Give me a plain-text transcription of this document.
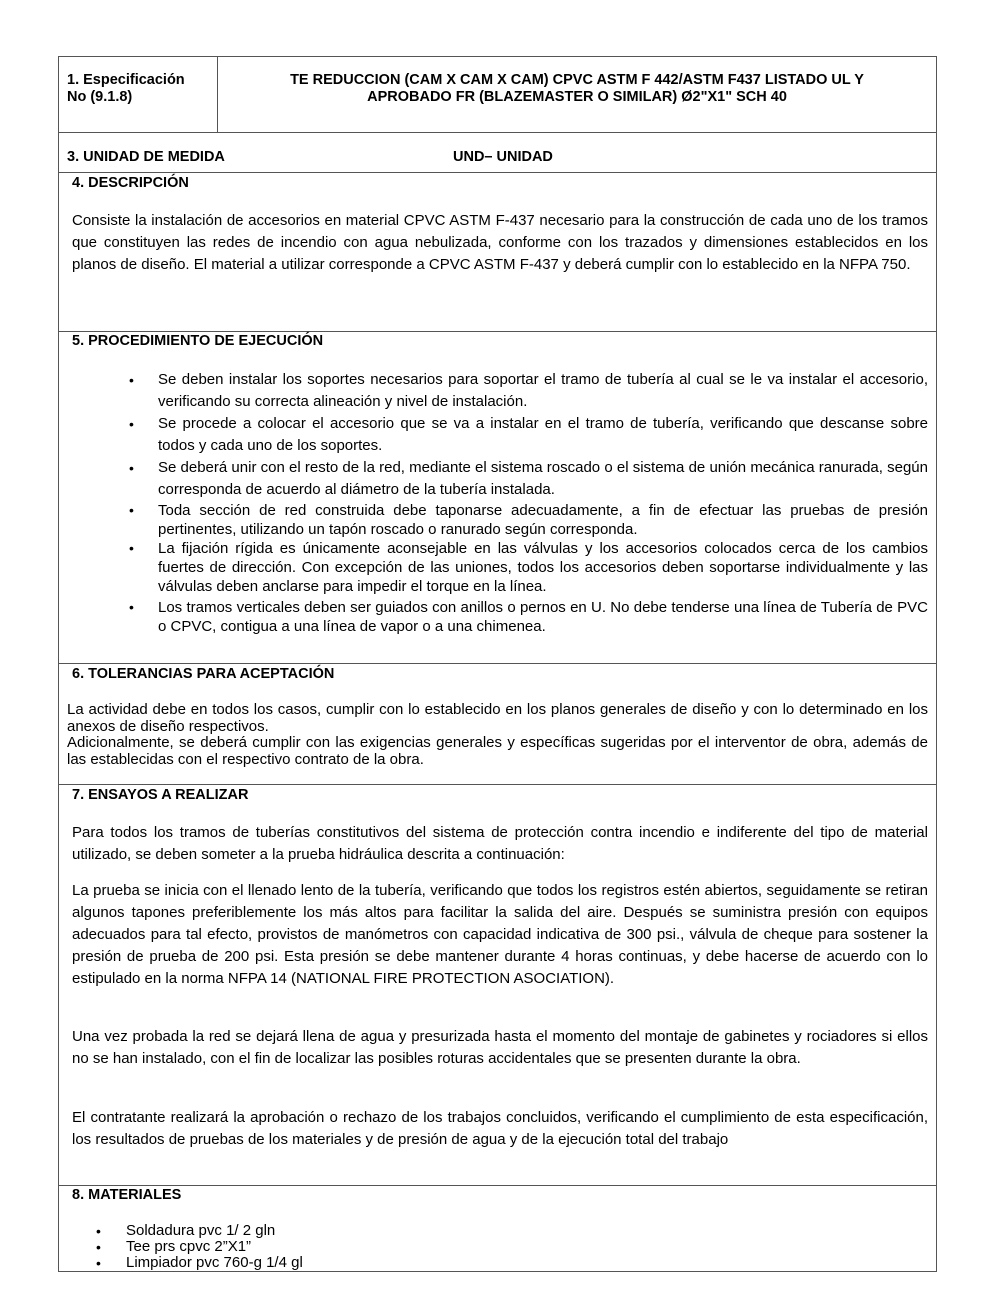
1. Especificación
No (9.1.8)
TE REDUCCION (CAM X CAM X CAM) CPVC ASTM F 442/ASTM F437 LISTADO UL Y
APROBADO FR (BLAZEMASTER O SIMILAR) Ø2"X1" SCH 40
3. UNIDAD DE MEDIDA	UND– UNIDAD
4. DESCRIPCIÓN
Consiste la instalación de accesorios en material CPVC ASTM F-437 necesario para la construcción de cada uno de los tramos que constituyen las redes de incendio con agua nebulizada, conforme con los trazados y dimensiones establecidos en los planos de diseño. El material a utilizar corresponde a CPVC ASTM F-437 y deberá cumplir con lo establecido en la NFPA 750.
5. PROCEDIMIENTO DE EJECUCIÓN
• Se deben instalar los soportes necesarios para soportar el tramo de tubería al cual se le va instalar el accesorio, verificando su correcta alineación y nivel de instalación.
• Se procede a colocar el accesorio que se va a instalar en el tramo de tubería, verificando que descanse sobre todos y cada uno de los soportes.
• Se deberá unir con el resto de la red, mediante el sistema roscado o el sistema de unión mecánica ranurada, según corresponda de acuerdo al diámetro de la tubería instalada.
• Toda sección de red construida debe taponarse adecuadamente, a fin de efectuar las pruebas de presión pertinentes, utilizando un tapón roscado o ranurado según corresponda.
• La fijación rígida es únicamente aconsejable en las válvulas y los accesorios colocados cerca de los cambios fuertes de dirección. Con excepción de las uniones, todos los accesorios deben soportarse individualmente y las válvulas deben anclarse para impedir el torque en la línea.
• Los tramos verticales deben ser guiados con anillos o pernos en U. No debe tenderse una línea de Tubería de PVC o CPVC, contigua a una línea de vapor o a una chimenea.
6. TOLERANCIAS PARA ACEPTACIÓN
La actividad debe en todos los casos, cumplir con lo establecido en los planos generales de diseño y con lo determinado en los anexos de diseño respectivos.
Adicionalmente, se deberá cumplir con las exigencias generales y específicas sugeridas por el interventor de obra, además de las establecidas con el respectivo contrato de la obra.
7. ENSAYOS A REALIZAR
Para todos los tramos de tuberías constitutivos del sistema de protección contra incendio e indiferente del tipo de material utilizado, se deben someter a la prueba hidráulica descrita a continuación:
La prueba se inicia con el llenado lento de la tubería, verificando que todos los registros estén abiertos, seguidamente se retiran algunos tapones preferiblemente los más altos para facilitar la salida del aire. Después se suministra presión con equipos adecuados para tal efecto, provistos de manómetros con capacidad indicativa de 300 psi., válvula de cheque para sostener la presión de prueba de 200 psi. Esta presión se debe mantener durante 4 horas continuas, y debe hacerse de acuerdo con lo estipulado en la norma NFPA 14 (NATIONAL FIRE PROTECTION ASOCIATION).
Una vez probada la red se dejará llena de agua y presurizada hasta el momento del montaje de gabinetes y rociadores si ellos no se han instalado, con el fin de localizar las posibles roturas accidentales que se presenten durante la obra.
El contratante realizará la aprobación o rechazo de los trabajos concluidos, verificando el cumplimiento de esta especificación, los resultados de pruebas de los materiales y de presión de agua y de la ejecución total del trabajo
8. MATERIALES
• Soldadura pvc 1/ 2 gln
• Tee prs cpvc 2”X1”
• Limpiador pvc 760-g 1/4 gl
